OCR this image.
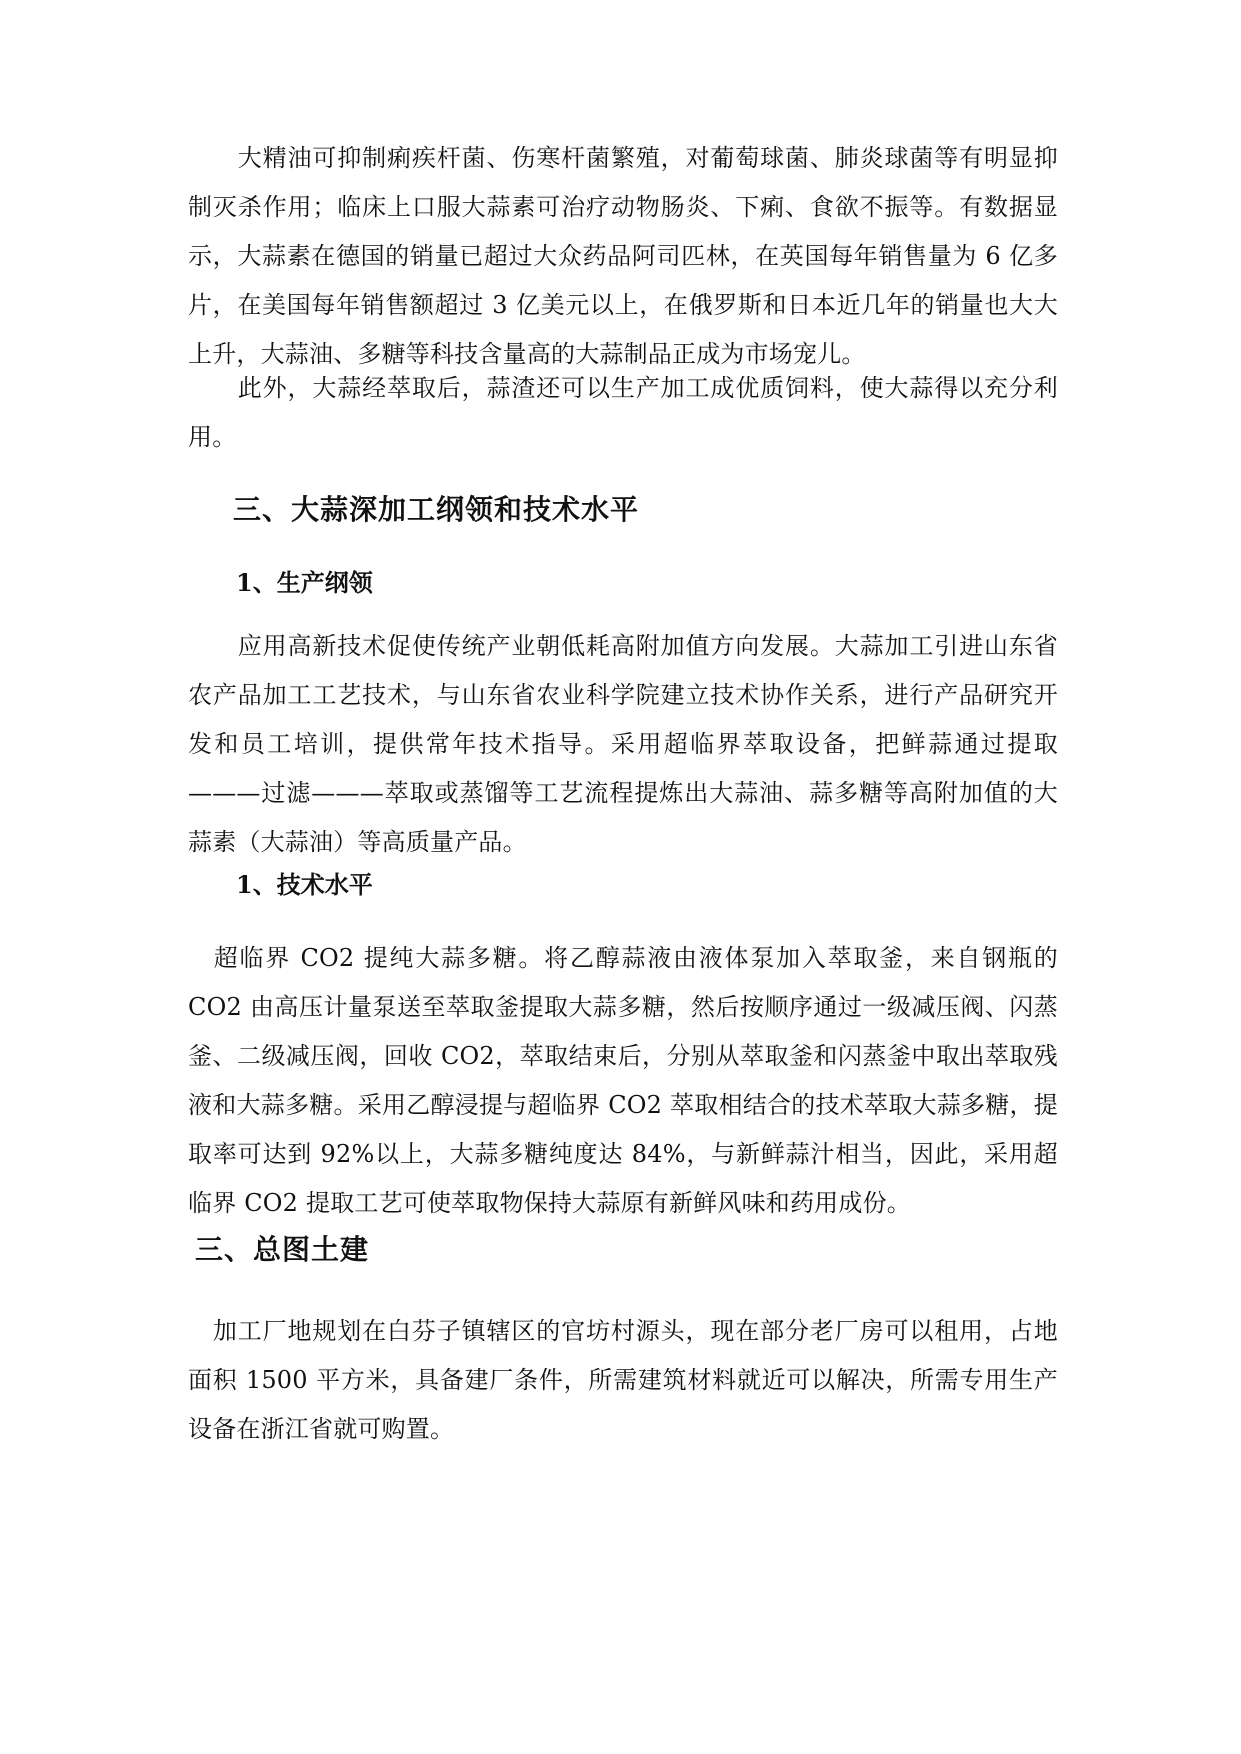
　　大精油可抑制痢疾杆菌、伤寒杆菌繁殖，对葡萄球菌、肺炎球菌等有明显抑制灭杀作用；临床上口服大蒜素可治疗动物肠炎、下痢、食欲不振等。有数据显示，大蒜素在德国的销量已超过大众药品阿司匹林，在英国每年销售量为 6 亿多片，在美国每年销售额超过 3 亿美元以上，在俄罗斯和日本近几年的销量也大大上升，大蒜油、多糖等科技含量高的大蒜制品正成为市场宠儿。

　　此外，大蒜经萃取后，蒜渣还可以生产加工成优质饲料，使大蒜得以充分利用。

三、大蒜深加工纲领和技术水平
1、生产纲领

　　应用高新技术促使传统产业朝低耗高附加值方向发展。大蒜加工引进山东省农产品加工工艺技术，与山东省农业科学院建立技术协作关系，进行产品研究开发和员工培训，提供常年技术指导。采用超临界萃取设备，把鲜蒜通过提取———过滤———萃取或蒸馏等工艺流程提炼出大蒜油、蒜多糖等高附加值的大蒜素（大蒜油）等高质量产品。

1、技术水平

　超临界 CO2 提纯大蒜多糖。将乙醇蒜液由液体泵加入萃取釜，来自钢瓶的 CO2 由高压计量泵送至萃取釜提取大蒜多糖，然后按顺序通过一级减压阀、闪蒸釜、二级减压阀，回收 CO2，萃取结束后，分别从萃取釜和闪蒸釜中取出萃取残液和大蒜多糖。采用乙醇浸提与超临界 CO2 萃取相结合的技术萃取大蒜多糖，提取率可达到 92%以上，大蒜多糖纯度达 84%，与新鲜蒜汁相当，因此，采用超临界 CO2 提取工艺可使萃取物保持大蒜原有新鲜风味和药用成份。

三、总图土建

　加工厂地规划在白芬子镇辖区的官坊村源头，现在部分老厂房可以租用，占地面积 1500 平方米，具备建厂条件，所需建筑材料就近可以解决，所需专用生产设备在浙江省就可购置。
